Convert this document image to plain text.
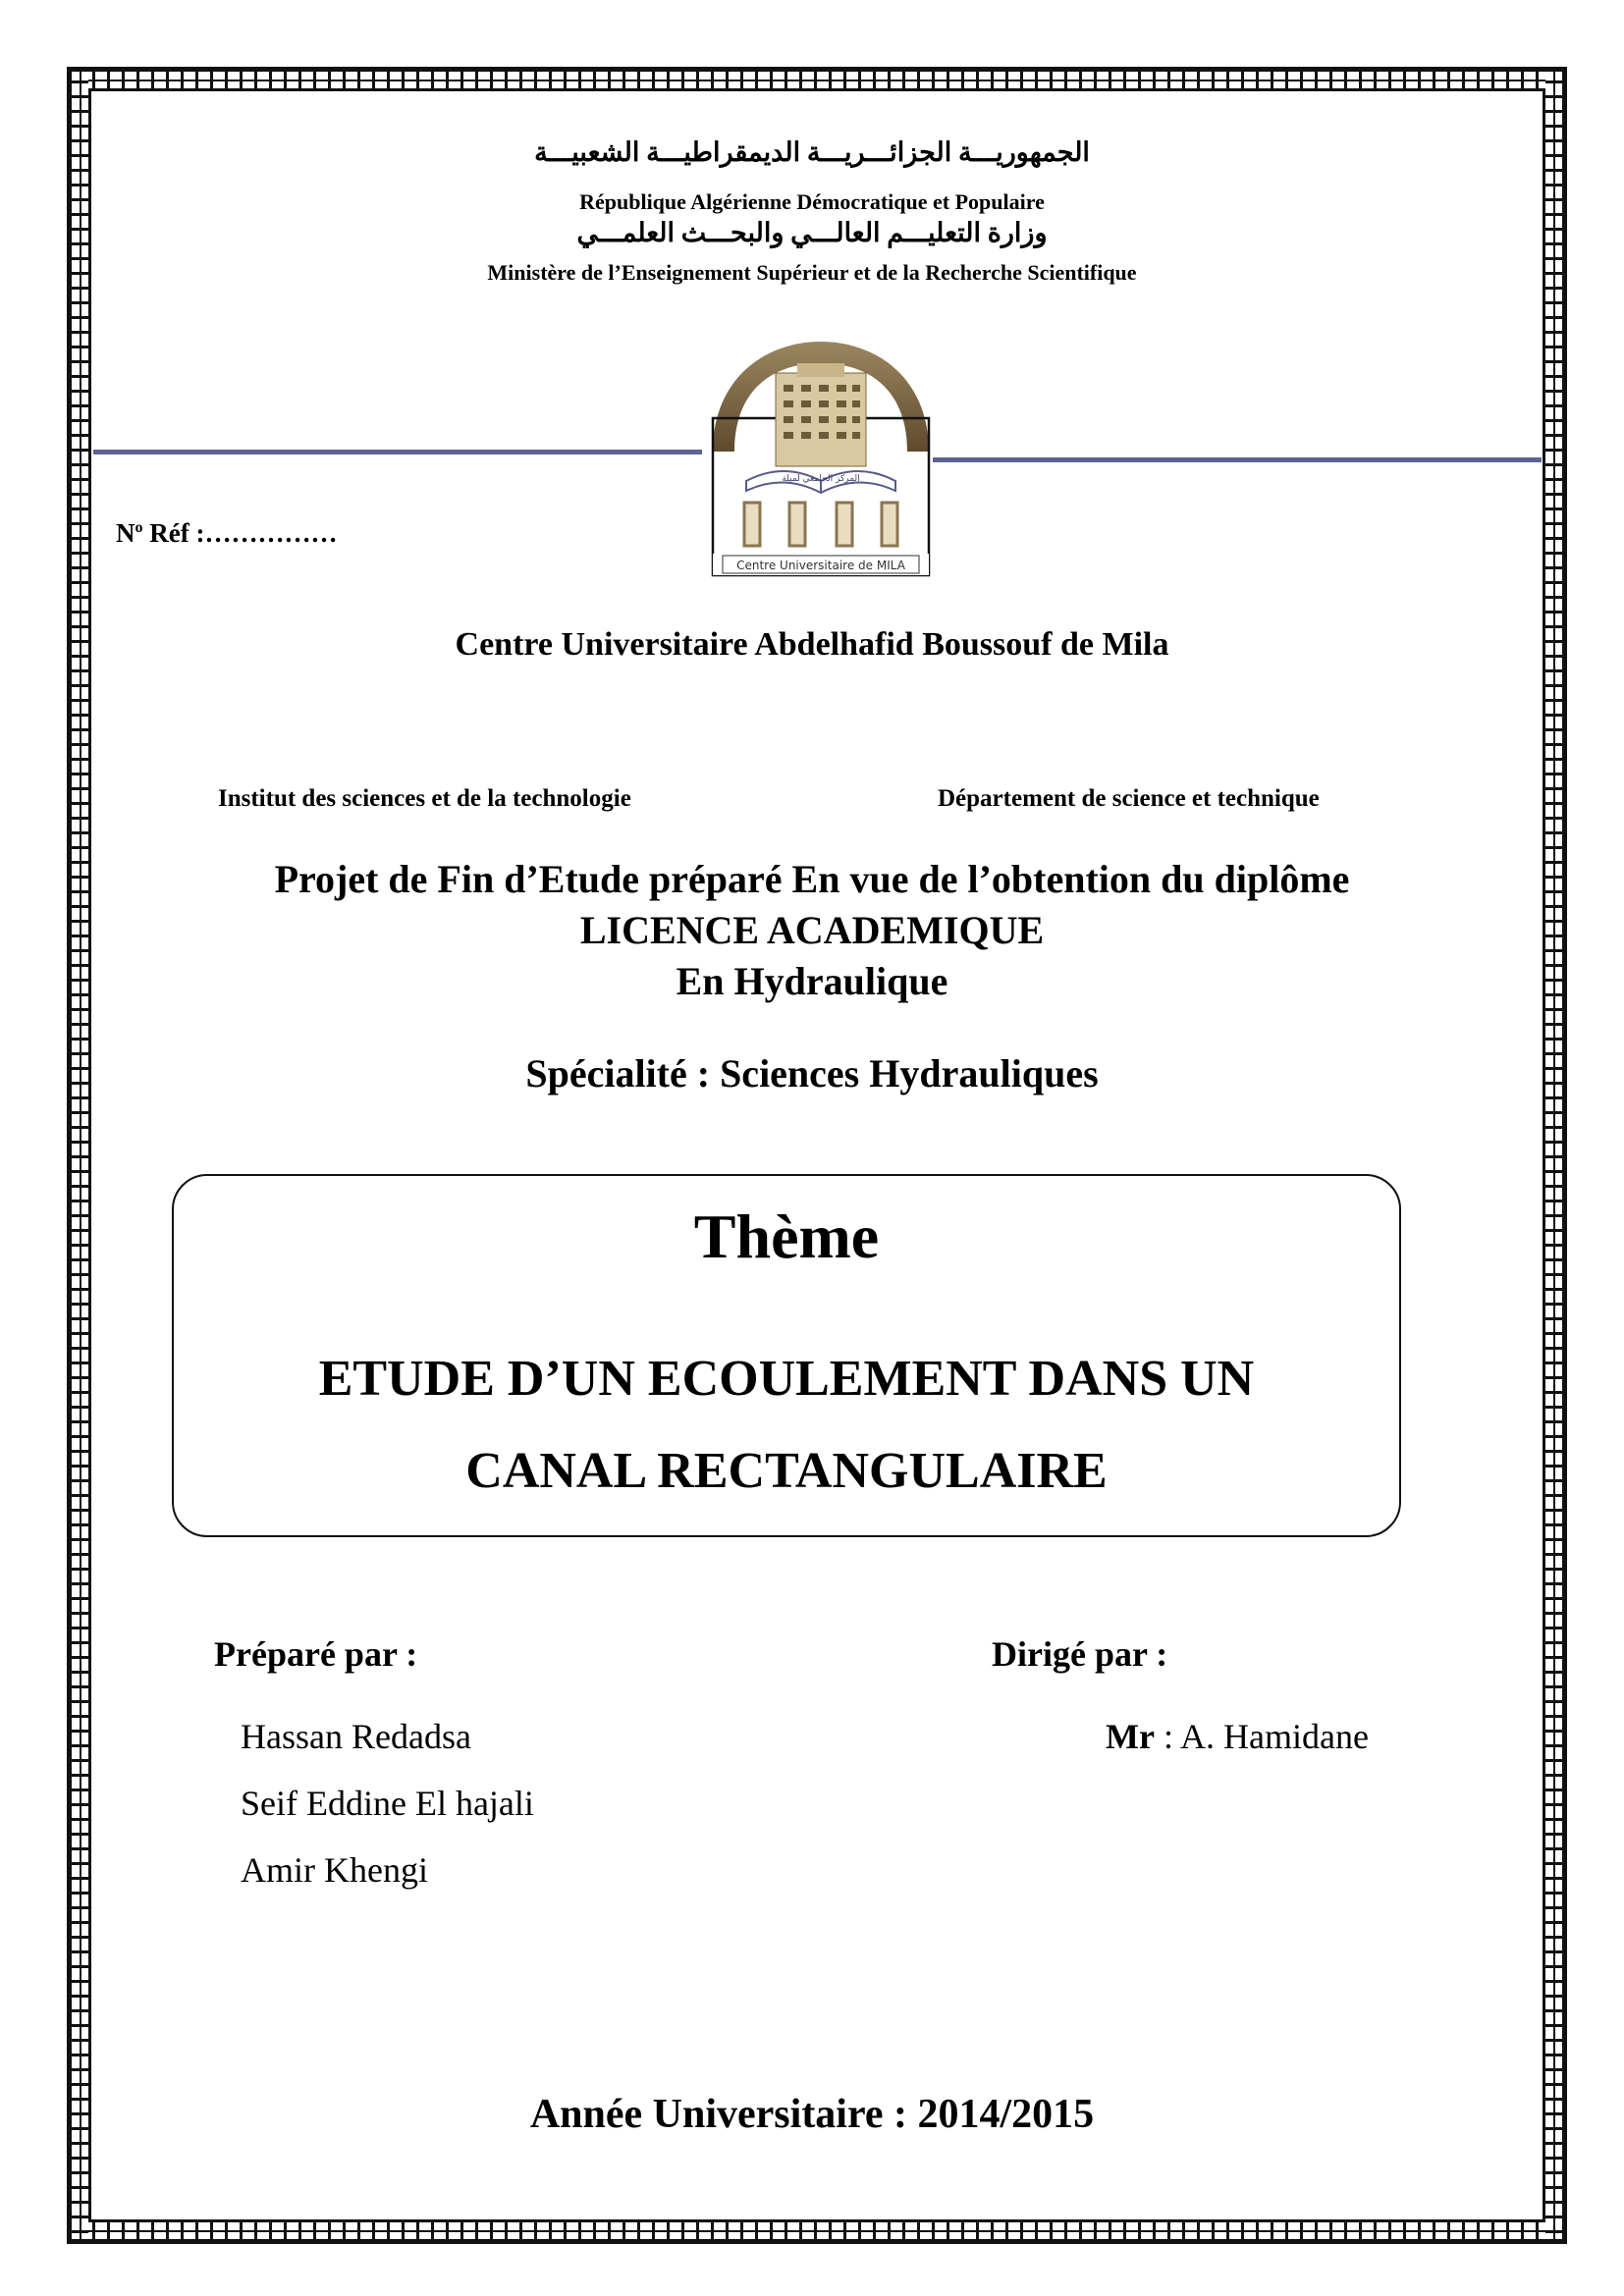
الجمهوريـــة الجزائـــريـــة الديمقراطيـــة الشعبيـــة
République Algérienne Démocratique et Populaire
وزارة التعليـــم العالـــي والبحـــث العلمـــي
Ministère de l’Enseignement Supérieur et de la Recherche Scientifique
المركز الجامعي لميلة
Centre Universitaire de MILA
$N^o$ Réf :……………
Centre Universitaire Abdelhafid Boussouf de Mila
Institut des sciences et de la technologie	Département de science et technique
Projet de Fin d’Etude préparé En vue de l’obtention du diplôme
LICENCE ACADEMIQUE
En Hydraulique
Spécialité : Sciences Hydrauliques
Thème
ETUDE D’UN ECOULEMENT DANS UN
CANAL RECTANGULAIRE
Préparé par :	Dirigé par :
Hassan Redadsa
Seif Eddine El hajali
Amir Khengi
Mr : A. Hamidane
Année Universitaire : 2014/2015
